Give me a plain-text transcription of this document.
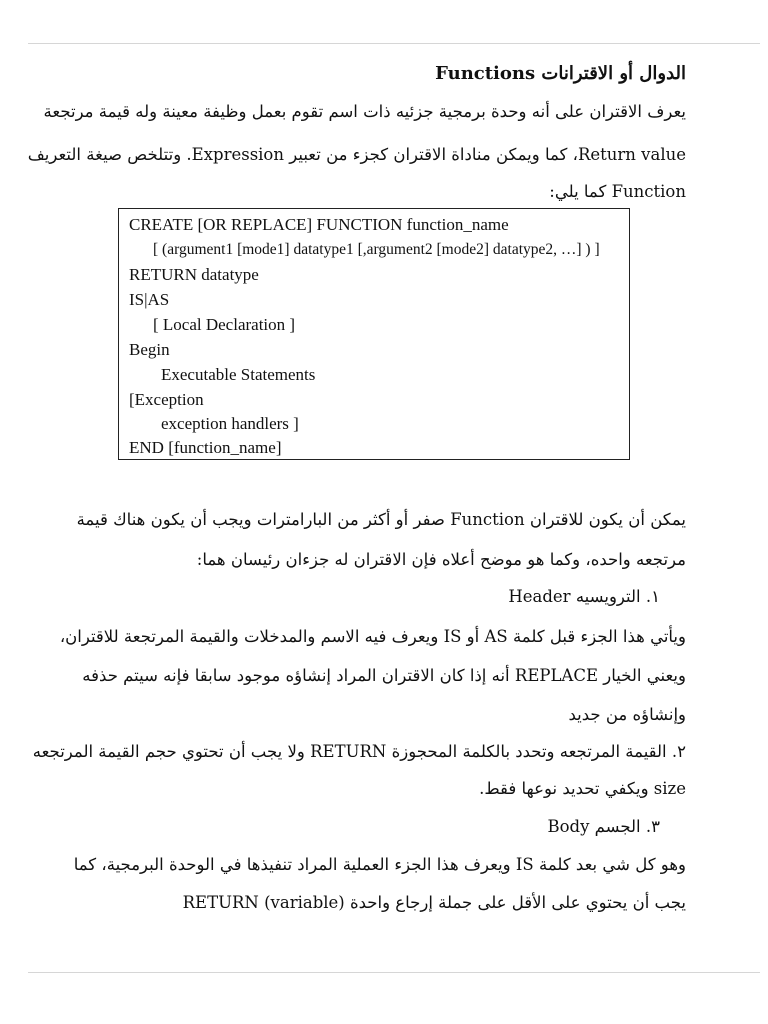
الدوال أو الاقترانات Functions
يعرف الاقتران على أنه وحدة برمجية جزئيه ذات اسم تقوم بعمل وظيفة معينة وله قيمة مرتجعة
Return value، كما ويمكن مناداة الاقتران كجزء من تعبير Expression. وتتلخص صيغة التعريف
Function كما يلي:
CREATE [OR REPLACE] FUNCTION function_name
[ (argument1 [mode1] datatype1 [,argument2 [mode2] datatype2, …] ) ]
RETURN datatype
IS|AS
[ Local Declaration ]
Begin
Executable Statements
[Exception
exception handlers ]
END [function_name]
يمكن أن يكون للاقتران Function صفر أو أكثر من البارامترات ويجب أن يكون هناك قيمة
مرتجعه واحده، وكما هو موضح أعلاه فإن الاقتران له جزءان رئيسان هما:
١. الترويسيه Header
ويأتي هذا الجزء قبل كلمة AS أو IS ويعرف فيه الاسم والمدخلات والقيمة المرتجعة للاقتران،
ويعني الخيار REPLACE أنه إذا كان الاقتران المراد إنشاؤه موجود سابقا فإنه سيتم حذفه
وإنشاؤه من جديد
٢. القيمة المرتجعه وتحدد بالكلمة المحجوزة RETURN ولا يجب أن تحتوي حجم القيمة المرتجعه
size ويكفي تحديد نوعها فقط.
٣. الجسم Body
وهو كل شي بعد كلمة IS ويعرف هذا الجزء العملية المراد تنفيذها في الوحدة البرمجية، كما
يجب أن يحتوي على الأقل على جملة إرجاع واحدة RETURN (variable)
